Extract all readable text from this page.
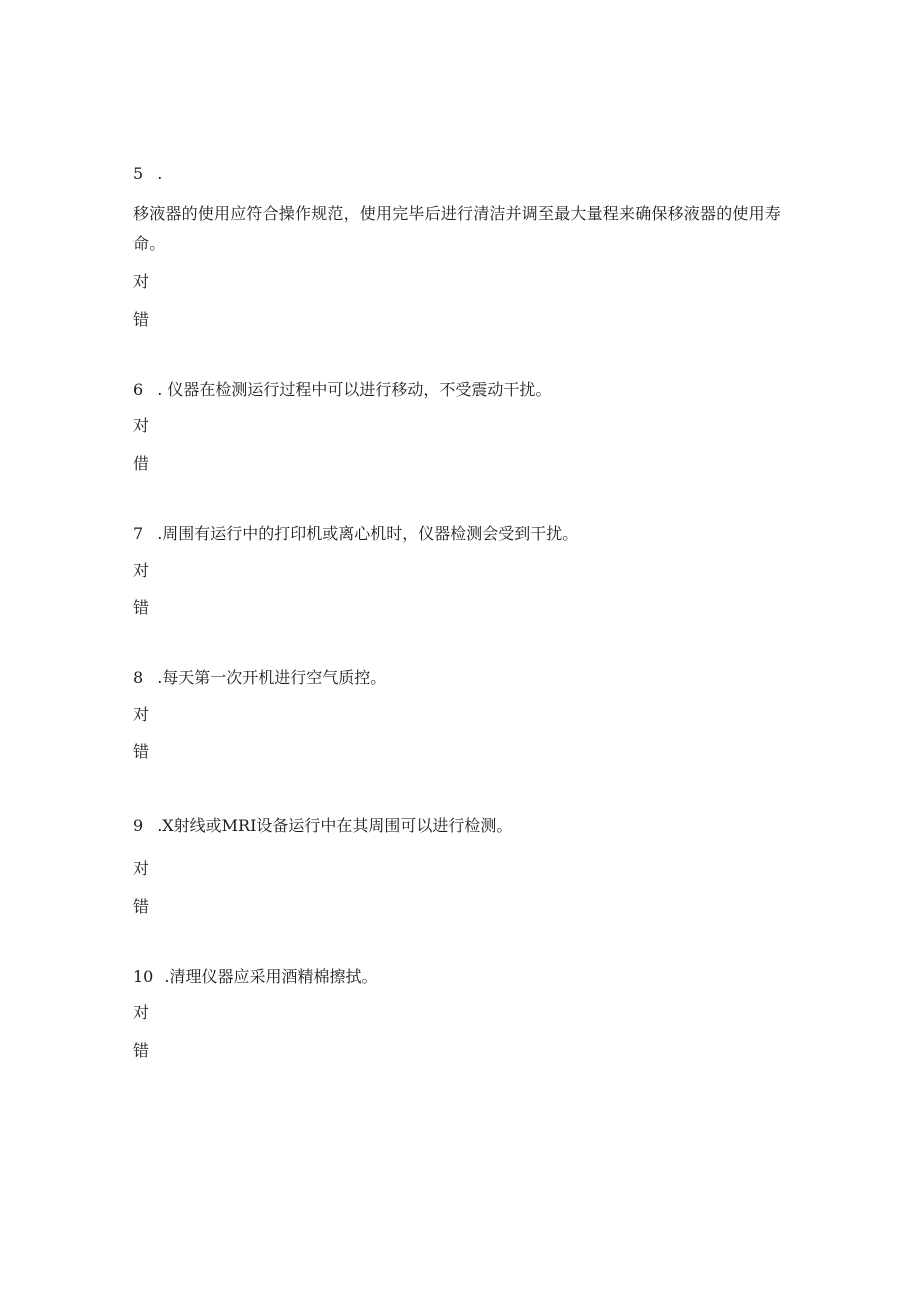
5 .
移液器的使用应符合操作规范，使用完毕后进行清洁并调至最大量程来确保移液器的使用寿命。
对
错
6 . 仪器在检测运行过程中可以进行移动，不受震动干扰。
对
借
7 .周围有运行中的打印机或离心机时，仪器检测会受到干扰。
对
错
8 .每天第一次开机进行空气质控。
对
错
9 .X射线或MRI设备运行中在其周围可以进行检测。
对
错
10 .清理仪器应采用酒精棉擦拭。
对
错
